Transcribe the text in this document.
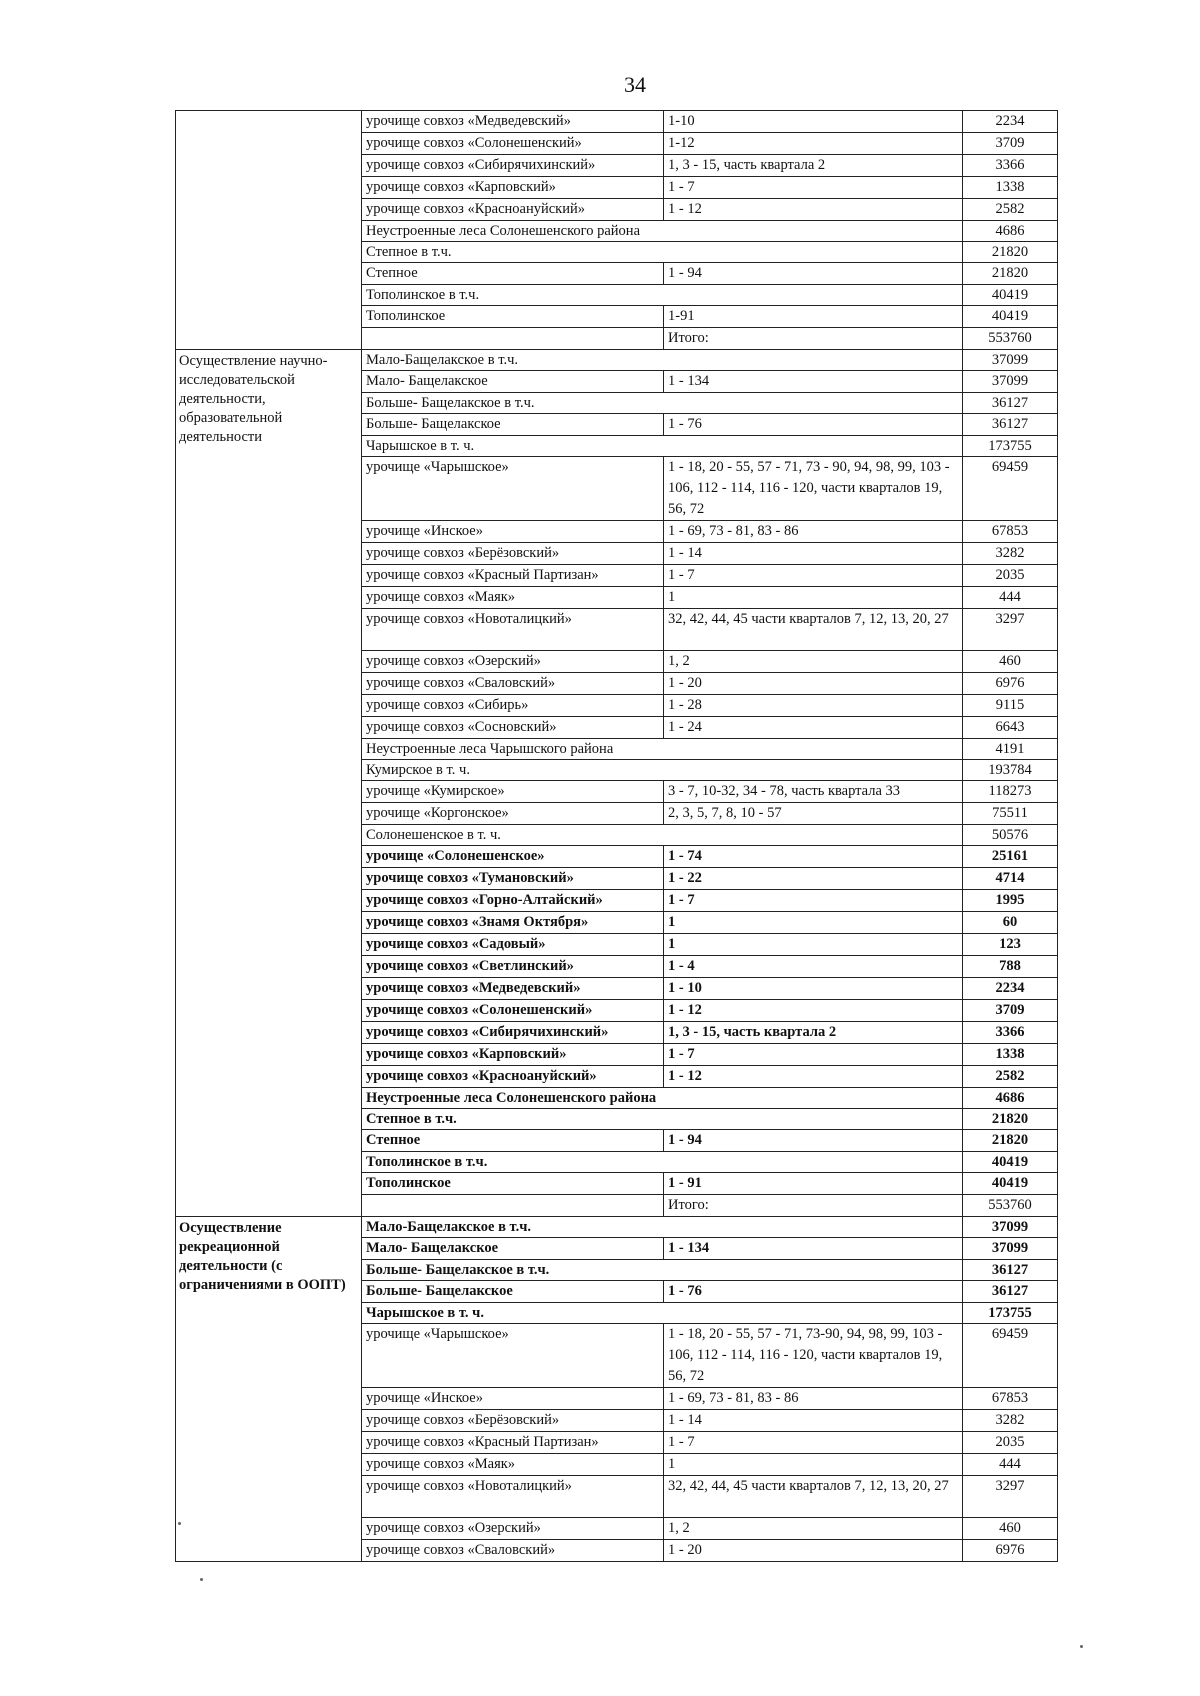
34
	урочище совхоз «Медведевский»	1-10	2234
	урочище совхоз «Солонешенский»	1-12	3709
	урочище совхоз «Сибирячихинский»	1, 3 - 15, часть квартала 2	3366
	урочище совхоз «Карповский»	1 - 7	1338
	урочище совхоз «Красноануйский»	1 - 12	2582
	Неустроенные леса Солонешенского района		4686
	Степное в т.ч.		21820
	Степное	1 - 94	21820
	Тополинское в т.ч.		40419
	Тополинское	1-91	40419
		Итого:	553760
Осуществление научно-исследовательской деятельности, образовательной деятельности	Мало-Бащелакское в т.ч.		37099
	Мало- Бащелакское	1 - 134	37099
	Больше- Бащелакское в т.ч.		36127
	Больше- Бащелакское	1 - 76	36127
	Чарышское в т. ч.		173755
	урочище «Чарышское»	1 - 18, 20 - 55, 57 - 71, 73 - 90, 94, 98, 99, 103 - 106, 112 - 114, 116 - 120, части кварталов 19, 56, 72	69459
	урочище «Инское»	1 - 69, 73 - 81, 83 - 86	67853
	урочище совхоз «Берёзовский»	1 - 14	3282
	урочище совхоз «Красный Партизан»	1 - 7	2035
	урочище совхоз «Маяк»	1	444
	урочище совхоз «Новоталицкий»	32, 42, 44, 45 части кварталов 7, 12, 13, 20, 27	3297
	урочище совхоз «Озерский»	1, 2	460
	урочище совхоз «Сваловский»	1 - 20	6976
	урочище совхоз «Сибирь»	1 - 28	9115
	урочище совхоз «Сосновский»	1 - 24	6643
	Неустроенные леса Чарышского района		4191
	Кумирское в т. ч.		193784
	урочище «Кумирское»	3 - 7, 10-32, 34 - 78, часть квартала 33	118273
	урочище «Коргонское»	2, 3, 5, 7, 8, 10 - 57	75511
	Солонешенское в т. ч.		50576
	урочище «Солонешенское»	1 - 74	25161
	урочище совхоз «Тумановский»	1 - 22	4714
	урочище совхоз «Горно-Алтайский»	1 - 7	1995
	урочище совхоз «Знамя Октября»	1	60
	урочище совхоз «Садовый»	1	123
	урочище совхоз «Светлинский»	1 - 4	788
	урочище совхоз «Медведевский»	1 - 10	2234
	урочище совхоз «Солонешенский»	1 - 12	3709
	урочище совхоз «Сибирячихинский»	1, 3 - 15, часть квартала 2	3366
	урочище совхоз «Карповский»	1 - 7	1338
	урочище совхоз «Красноануйский»	1 - 12	2582
	Неустроенные леса Солонешенского района		4686
	Степное в т.ч.		21820
	Степное	1 - 94	21820
	Тополинское в т.ч.		40419
	Тополинское	1 - 91	40419
		Итого:	553760
Осуществление рекреационной деятельности (с ограничениями в ООПТ)	Мало-Бащелакское в т.ч.		37099
	Мало- Бащелакское	1 - 134	37099
	Больше- Бащелакское в т.ч.		36127
	Больше- Бащелакское	1 - 76	36127
	Чарышское в т. ч.		173755
	урочище «Чарышское»	1 - 18, 20 - 55, 57 - 71, 73-90, 94, 98, 99, 103 - 106, 112 - 114, 116 - 120, части кварталов 19, 56, 72	69459
	урочище «Инское»	1 - 69, 73 - 81, 83 - 86	67853
	урочище совхоз «Берёзовский»	1 - 14	3282
	урочище совхоз «Красный Партизан»	1 - 7	2035
	урочище совхоз «Маяк»	1	444
	урочище совхоз «Новоталицкий»	32, 42, 44, 45 части кварталов 7, 12, 13, 20, 27	3297
	урочище совхоз «Озерский»	1, 2	460
	урочище совхоз «Сваловский»	1 - 20	6976
